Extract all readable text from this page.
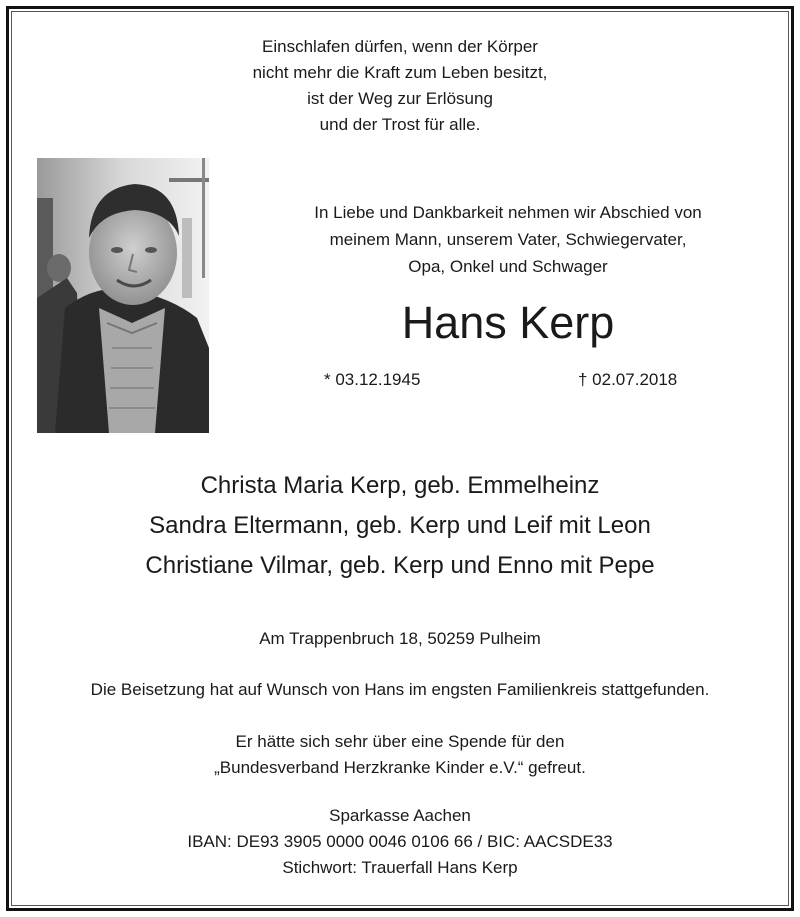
Einschlafen dürfen, wenn der Körper
nicht mehr die Kraft zum Leben besitzt,
ist der Weg zur Erlösung
und der Trost für alle.
In Liebe und Dankbarkeit nehmen wir Abschied von
meinem Mann, unserem Vater, Schwiegervater,
Opa, Onkel und Schwager
Hans Kerp
* 03.12.1945	† 02.07.2018
Christa Maria Kerp, geb. Emmelheinz
Sandra Eltermann, geb. Kerp und Leif mit Leon
Christiane Vilmar, geb. Kerp und Enno mit Pepe
Am Trappenbruch 18, 50259 Pulheim
Die Beisetzung hat auf Wunsch von Hans im engsten Familienkreis stattgefunden.
Er hätte sich sehr über eine Spende für den
„Bundesverband Herzkranke Kinder e.V.“ gefreut.
Sparkasse Aachen
IBAN: DE93 3905 0000 0046 0106 66 / BIC: AACSDE33
Stichwort: Trauerfall Hans Kerp
